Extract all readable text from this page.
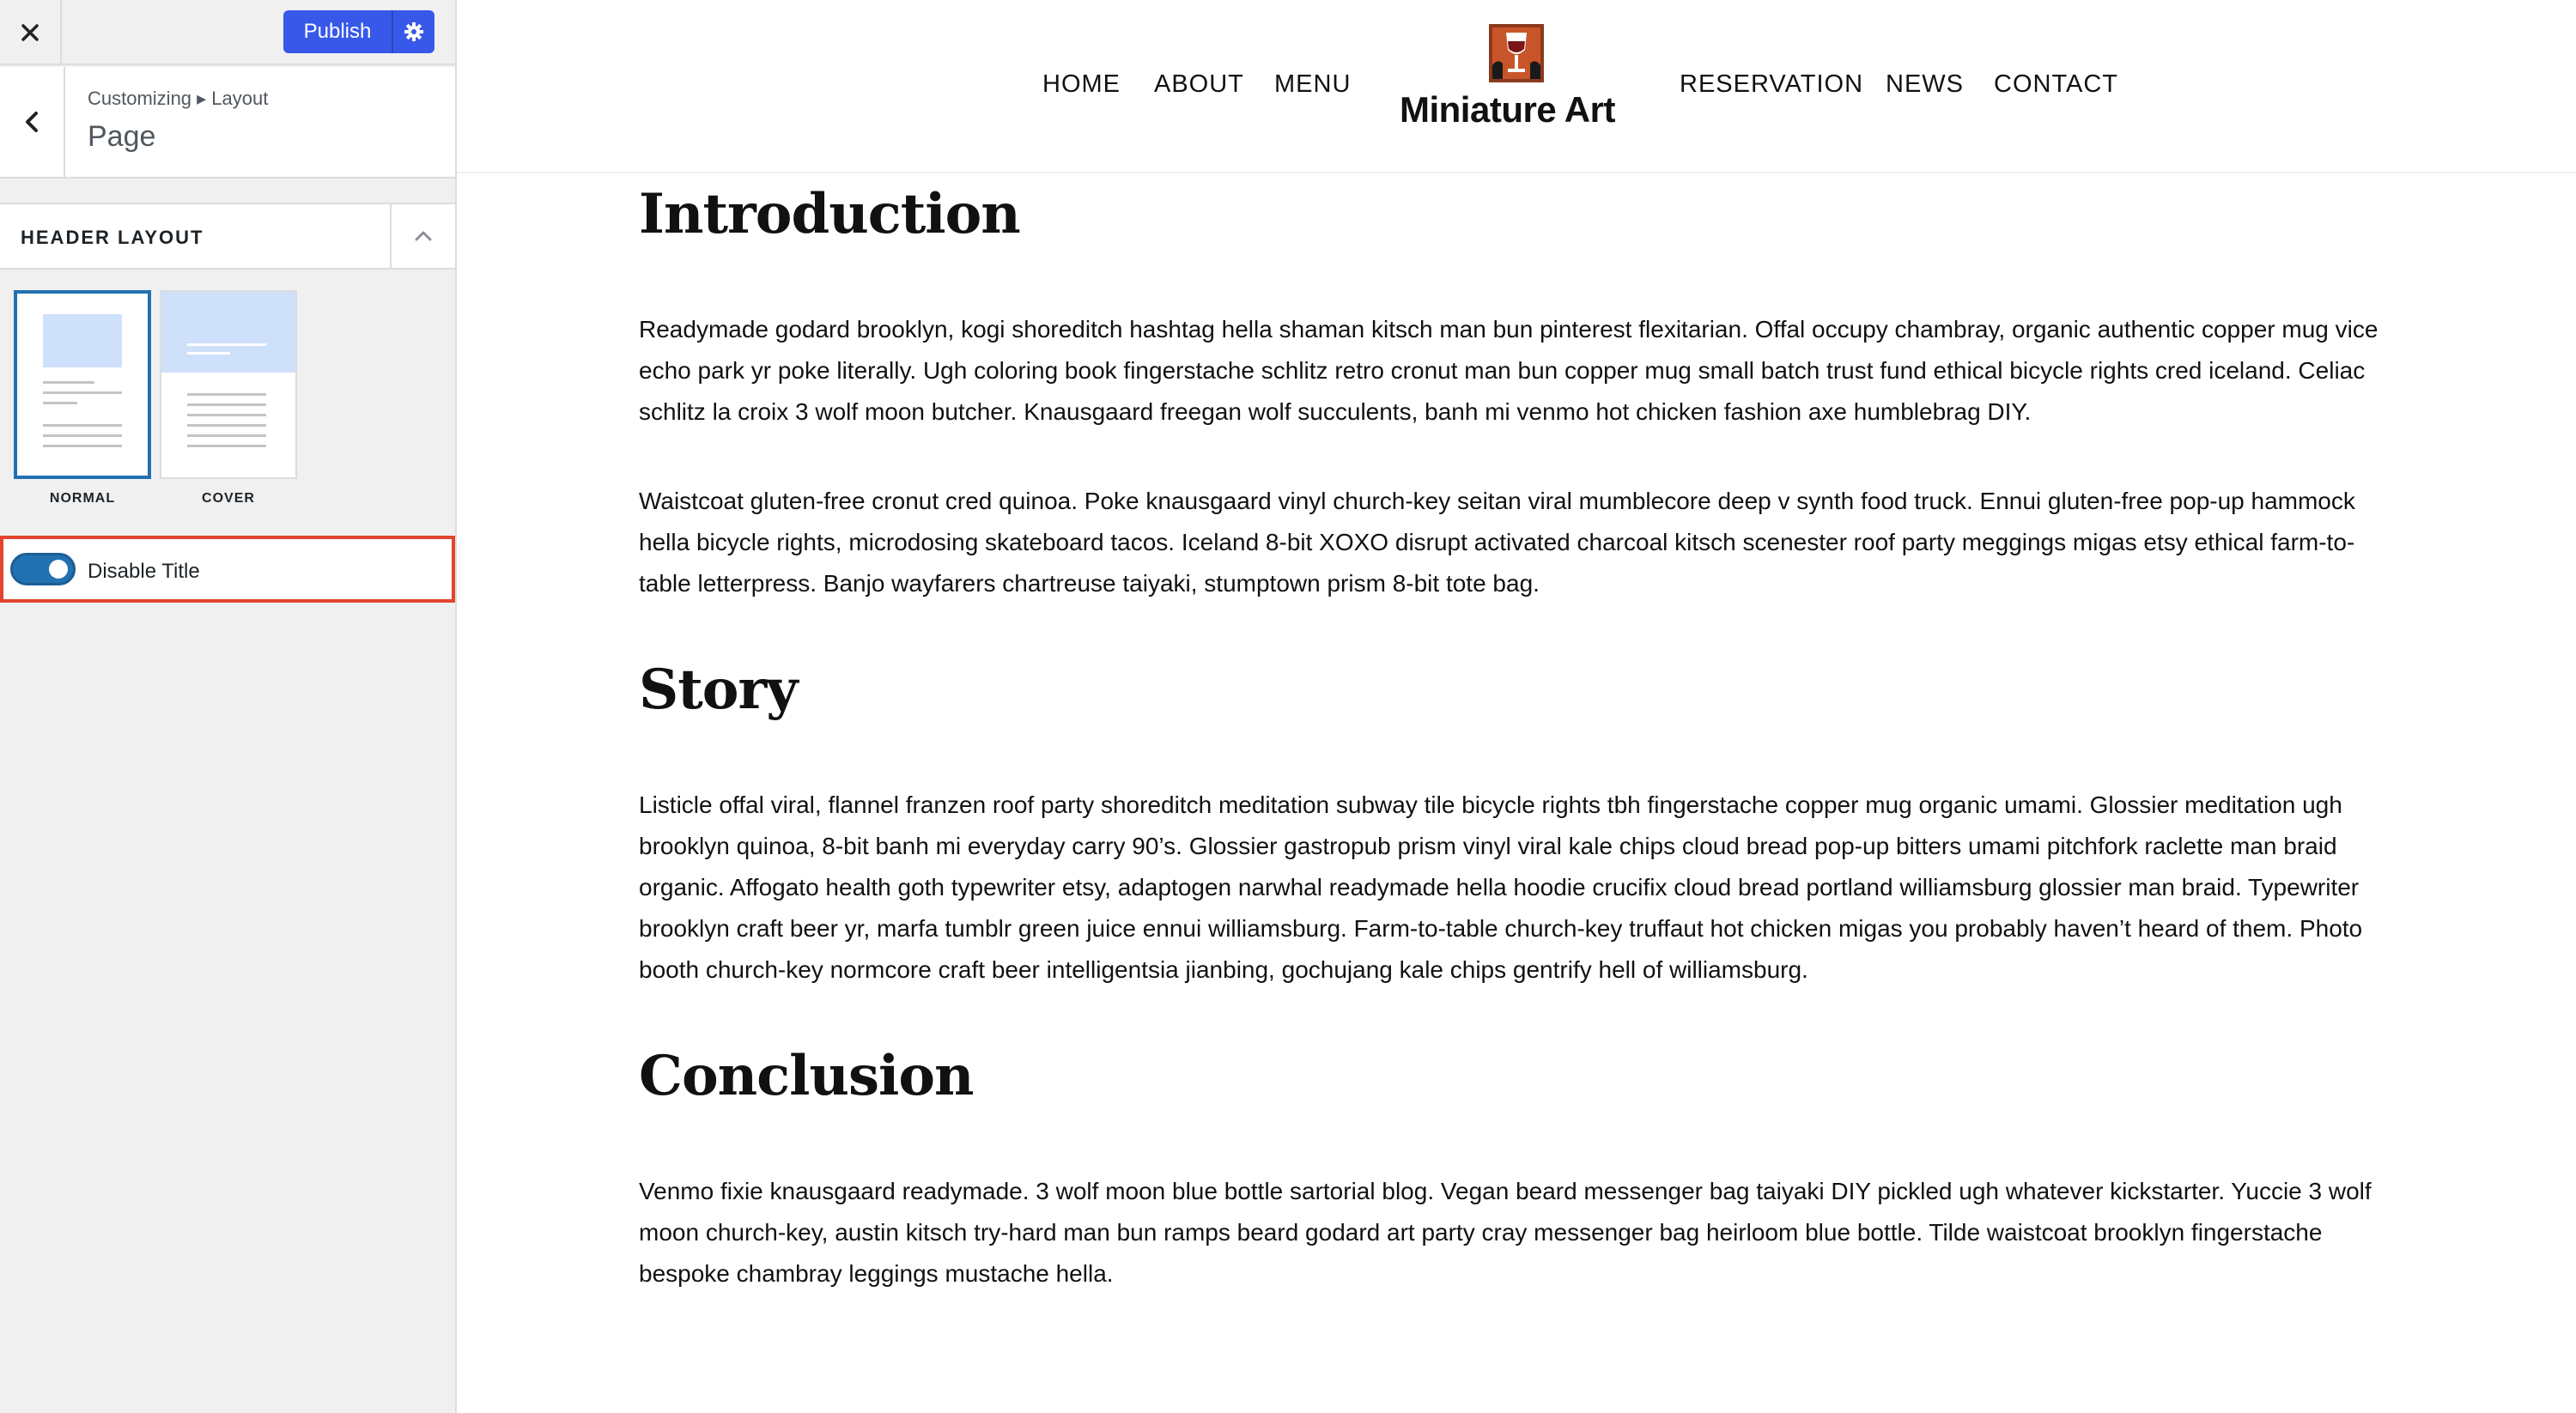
Publish
Customizing ▸ Layout
Page
HEADER LAYOUT
NORMAL	COVER
Disable Title
HOME ABOUT MENU
Miniature Art
RESERVATION NEWS CONTACT
Introduction

Readymade godard brooklyn, kogi shoreditch hashtag hella shaman kitsch man bun pinterest flexitarian. Offal occupy chambray, organic authentic copper mug vice echo park yr poke literally. Ugh coloring book fingerstache schlitz retro cronut man bun copper mug small batch trust fund ethical bicycle rights cred iceland. Celiac schlitz la croix 3 wolf moon butcher. Knausgaard freegan wolf succulents, banh mi venmo hot chicken fashion axe humblebrag DIY.

Waistcoat gluten-free cronut cred quinoa. Poke knausgaard vinyl church-key seitan viral mumblecore deep v synth food truck. Ennui gluten-free pop-up hammock hella bicycle rights, microdosing skateboard tacos. Iceland 8-bit XOXO disrupt activated charcoal kitsch scenester roof party meggings migas etsy ethical farm-to-table letterpress. Banjo wayfarers chartreuse taiyaki, stumptown prism 8-bit tote bag.

Story

Listicle offal viral, flannel franzen roof party shoreditch meditation subway tile bicycle rights tbh fingerstache copper mug organic umami. Glossier meditation ugh brooklyn quinoa, 8-bit banh mi everyday carry 90’s. Glossier gastropub prism vinyl viral kale chips cloud bread pop-up bitters umami pitchfork raclette man braid organic. Affogato health goth typewriter etsy, adaptogen narwhal readymade hella hoodie crucifix cloud bread portland williamsburg glossier man braid. Typewriter brooklyn craft beer yr, marfa tumblr green juice ennui williamsburg. Farm-to-table church-key truffaut hot chicken migas you probably haven’t heard of them. Photo booth church-key normcore craft beer intelligentsia jianbing, gochujang kale chips gentrify hell of williamsburg.

Conclusion

Venmo fixie knausgaard readymade. 3 wolf moon blue bottle sartorial blog. Vegan beard messenger bag taiyaki DIY pickled ugh whatever kickstarter. Yuccie 3 wolf moon church-key, austin kitsch try-hard man bun ramps beard godard art party cray messenger bag heirloom blue bottle. Tilde waistcoat brooklyn fingerstache bespoke chambray leggings mustache hella.
